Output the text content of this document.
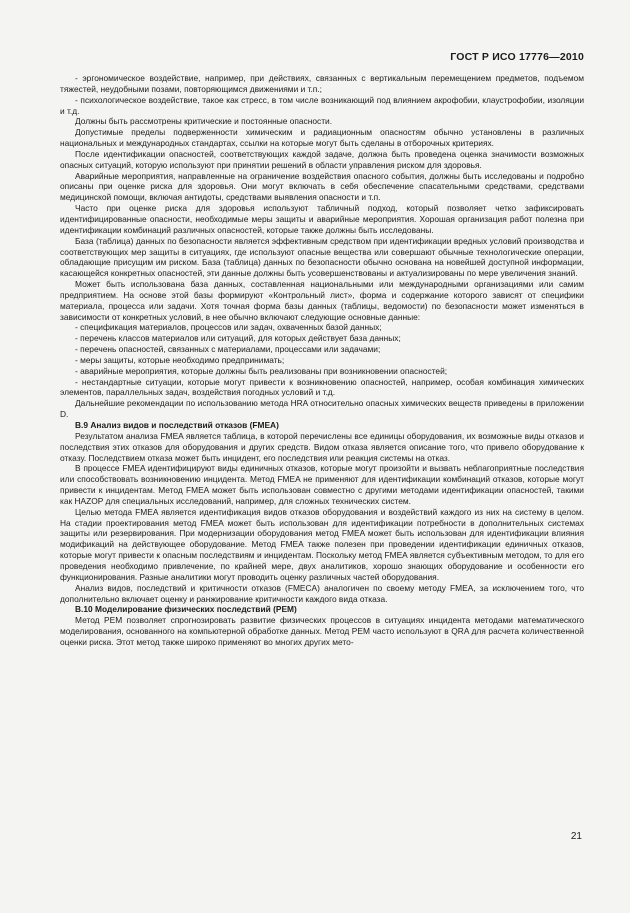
ГОСТ Р ИСО 17776—2010

- эргономическое воздействие, например, при действиях, связанных с вертикальным перемещением предметов, подъемом тяжестей, неудобными позами, повторяющимся движениями и т.п.;

- психологическое воздействие, такое как стресс, в том числе возникающий под влиянием акрофобии, клаустрофобии, изоляции и т.д.

Должны быть рассмотрены критические и постоянные опасности.

Допустимые пределы подверженности химическим и радиационным опасностям обычно установлены в различных национальных и международных стандартах, ссылки на которые могут быть сделаны в отборочных критериях.

После идентификации опасностей, соответствующих каждой задаче, должна быть проведена оценка значимости возможных опасных ситуаций, которую используют при принятии решений в области управления риском для здоровья.

Аварийные мероприятия, направленные на ограничение воздействия опасного события, должны быть исследованы и подробно описаны при оценке риска для здоровья. Они могут включать в себя обеспечение спасательными средствами, средствами медицинской помощи, включая антидоты, средствами выявления опасности и т.п.

Часто при оценке риска для здоровья используют табличный подход, который позволяет четко зафиксировать идентифицированные опасности, необходимые меры защиты и аварийные мероприятия. Хорошая организация работ полезна при идентификации комбинаций различных опасностей, которые также должны быть исследованы.

База (таблица) данных по безопасности является эффективным средством при идентификации вредных условий производства и соответствующих мер защиты в ситуациях, где используют опасные вещества или совершают обычные технологические операции, обладающие присущим им риском. База (таблица) данных по безопасности обычно основана на новейшей доступной информации, касающейся конкретных опасностей, эти данные должны быть усовершенствованы и актуализированы по мере увеличения знаний.

Может быть использована база данных, составленная национальными или международными организациями или самим предприятием. На основе этой базы формируют «Контрольный лист», форма и содержание которого зависят от специфики материала, процесса или задачи. Хотя точная форма базы данных (таблицы, ведомости) по безопасности может изменяться в зависимости от конкретных условий, в нее обычно включают следующие основные данные:

- спецификация материалов, процессов или задач, охваченных базой данных;

- перечень классов материалов или ситуаций, для которых действует база данных;

- перечень опасностей, связанных с материалами, процессами или задачами;

- меры защиты, которые необходимо предпринимать;

- аварийные мероприятия, которые должны быть реализованы при возникновении опасностей;

- нестандартные ситуации, которые могут привести к возникновению опасностей, например, особая комбинация химических элементов, параллельных задач, воздействия погодных условий и т.д.

Дальнейшие рекомендации по использованию метода HRA относительно опасных химических веществ приведены в приложении D.

B.9 Анализ видов и последствий отказов (FMEA)

Результатом анализа FMEA является таблица, в которой перечислены все единицы оборудования, их возможные виды отказов и последствия этих отказов для оборудования и других средств. Видом отказа является описание того, что привело оборудование к отказу. Последствием отказа может быть инцидент, его последствия или реакция системы на отказ.

В процессе FMEA идентифицируют виды единичных отказов, которые могут произойти и вызвать неблагоприятные последствия или способствовать возникновению инцидента. Метод FMEA не применяют для идентификации комбинаций отказов, которые могут привести к инцидентам. Метод FMEA может быть использован совместно с другими методами идентификации опасностей, такими как HAZOP для специальных исследований, например, для сложных технических систем.

Целью метода FMEA является идентификация видов отказов оборудования и воздействий каждого из них на систему в целом. На стадии проектирования метод FMEA может быть использован для идентификации потребности в дополнительных системах защиты или резервирования. При модернизации оборудования метод FMEA может быть использован для идентификации влияния модификаций на действующее оборудование. Метод FMEA также полезен при проведении идентификации единичных отказов, которые могут привести к опасным последствиям и инцидентам. Поскольку метод FMEA является субъективным методом, то для его проведения необходимо привлечение, по крайней мере, двух аналитиков, хорошо знающих оборудование и особенности его функционирования. Разные аналитики могут проводить оценку различных частей оборудования.

Анализ видов, последствий и критичности отказов (FMECA) аналогичен по своему методу FMEA, за исключением того, что дополнительно включает оценку и ранжирование критичности каждого вида отказа.

B.10 Моделирование физических последствий (PEM)

Метод PEM позволяет спрогнозировать развитие физических процессов в ситуациях инцидента методами математического моделирования, основанного на компьютерной обработке данных. Метод PEM часто используют в QRA для расчета количественной оценки риска. Этот метод также широко применяют во многих других мето-

21
